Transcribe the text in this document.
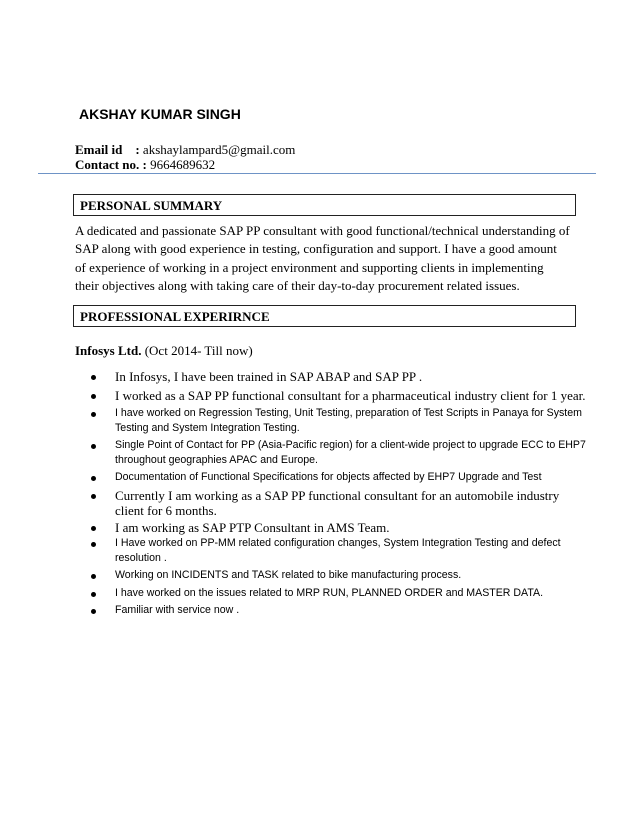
AKSHAY KUMAR SINGH
Email id : akshaylampard5@gmail.com
Contact no. : 9664689632
PERSONAL SUMMARY
A dedicated and passionate SAP PP consultant with good functional/technical understanding of SAP along with good experience in testing, configuration and support. I have a good amount of experience of working in a project environment and supporting clients in implementing their objectives along with taking care of their day-to-day procurement related issues.
PROFESSIONAL EXPERIRNCE
Infosys Ltd. (Oct 2014- Till now)
In Infosys, I have been trained in SAP ABAP and SAP PP .
I worked as a SAP PP functional consultant for a pharmaceutical industry client for 1 year.
I have worked on Regression Testing, Unit Testing, preparation of Test Scripts in Panaya for System Testing and System Integration Testing.
Single Point of Contact for PP (Asia-Pacific region) for a client-wide project to upgrade ECC to EHP7 throughout geographies APAC and Europe.
Documentation of Functional Specifications for objects affected by EHP7 Upgrade and Test
Currently I am working as a SAP PP functional consultant for an automobile industry client for 6 months.
I am working as SAP PTP Consultant in AMS Team.
I Have worked on PP-MM related configuration changes, System Integration Testing and defect resolution .
Working on INCIDENTS and TASK related to bike manufacturing process.
I have worked on the issues related to MRP RUN, PLANNED ORDER and MASTER DATA.
Familiar with service now .
